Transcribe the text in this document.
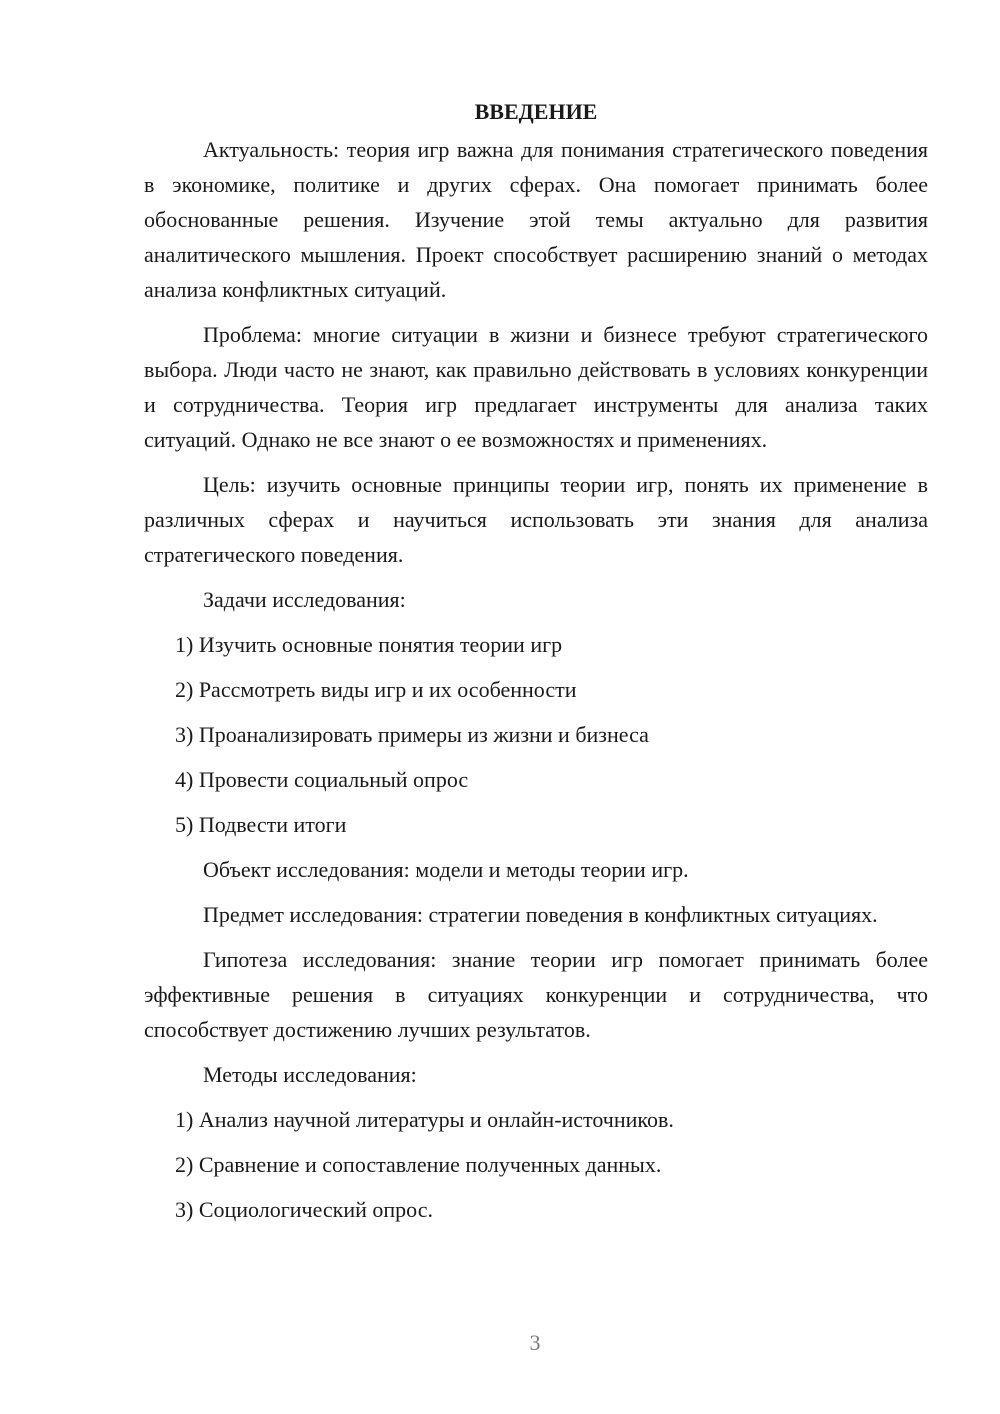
ВВЕДЕНИЕ

Актуальность: теория игр важна для понимания стратегического поведения в экономике, политике и других сферах. Она помогает принимать более обоснованные решения. Изучение этой темы актуально для развития аналитического мышления. Проект способствует расширению знаний о методах анализа конфликтных ситуаций.

Проблема: многие ситуации в жизни и бизнесе требуют стратегического выбора. Люди часто не знают, как правильно действовать в условиях конкуренции и сотрудничества. Теория игр предлагает инструменты для анализа таких ситуаций. Однако не все знают о ее возможностях и применениях.

Цель: изучить основные принципы теории игр, понять их применение в различных сферах и научиться использовать эти знания для анализа стратегического поведения.

Задачи исследования:

1) Изучить основные понятия теории игр

2) Рассмотреть виды игр и их особенности

3) Проанализировать примеры из жизни и бизнеса

4) Провести социальный опрос

5) Подвести итоги

Объект исследования: модели и методы теории игр.

Предмет исследования: стратегии поведения в конфликтных ситуациях.

Гипотеза исследования: знание теории игр помогает принимать более эффективные решения в ситуациях конкуренции и сотрудничества, что способствует достижению лучших результатов.

Методы исследования:

1) Анализ научной литературы и онлайн-источников.

2) Сравнение и сопоставление полученных данных.

3) Социологический опрос.

3
